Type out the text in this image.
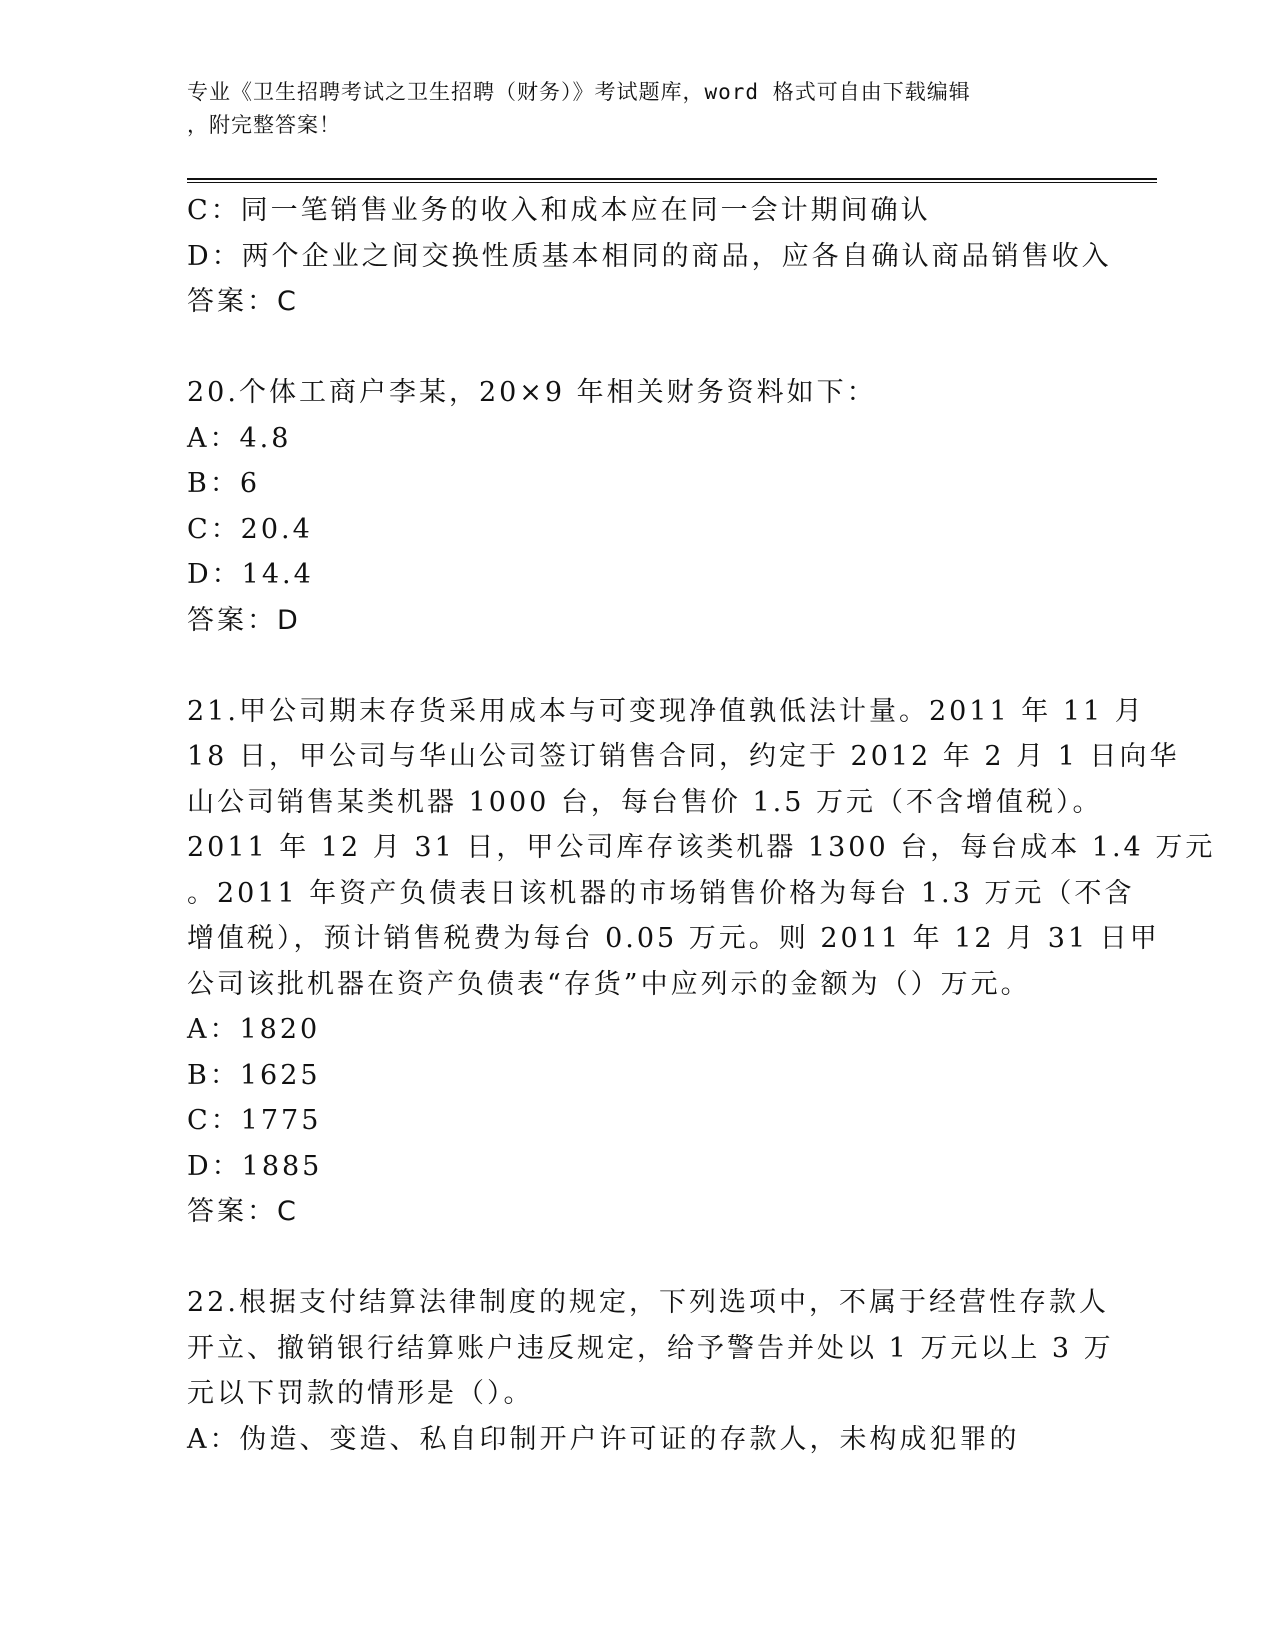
专业《卫生招聘考试之卫生招聘（财务）》考试题库，word 格式可自由下载编辑
，附完整答案！
C：同一笔销售业务的收入和成本应在同一会计期间确认
D：两个企业之间交换性质基本相同的商品，应各自确认商品销售收入
答案：C
20.个体工商户李某，20×9 年相关财务资料如下：
A：4.8
B：6
C：20.4
D：14.4
答案：D
21.甲公司期末存货采用成本与可变现净值孰低法计量。2011 年 11 月
18 日，甲公司与华山公司签订销售合同，约定于 2012 年 2 月 1 日向华
山公司销售某类机器 1000 台，每台售价 1.5 万元（不含增值税）。
2011 年 12 月 31 日，甲公司库存该类机器 1300 台，每台成本 1.4 万元
。2011 年资产负债表日该机器的市场销售价格为每台 1.3 万元（不含
增值税），预计销售税费为每台 0.05 万元。则 2011 年 12 月 31 日甲
公司该批机器在资产负债表“存货”中应列示的金额为（）万元。
A：1820
B：1625
C：1775
D：1885
答案：C
22.根据支付结算法律制度的规定，下列选项中，不属于经营性存款人
开立、撤销银行结算账户违反规定，给予警告并处以 1 万元以上 3 万
元以下罚款的情形是（）。
A：伪造、变造、私自印制开户许可证的存款人，未构成犯罪的
